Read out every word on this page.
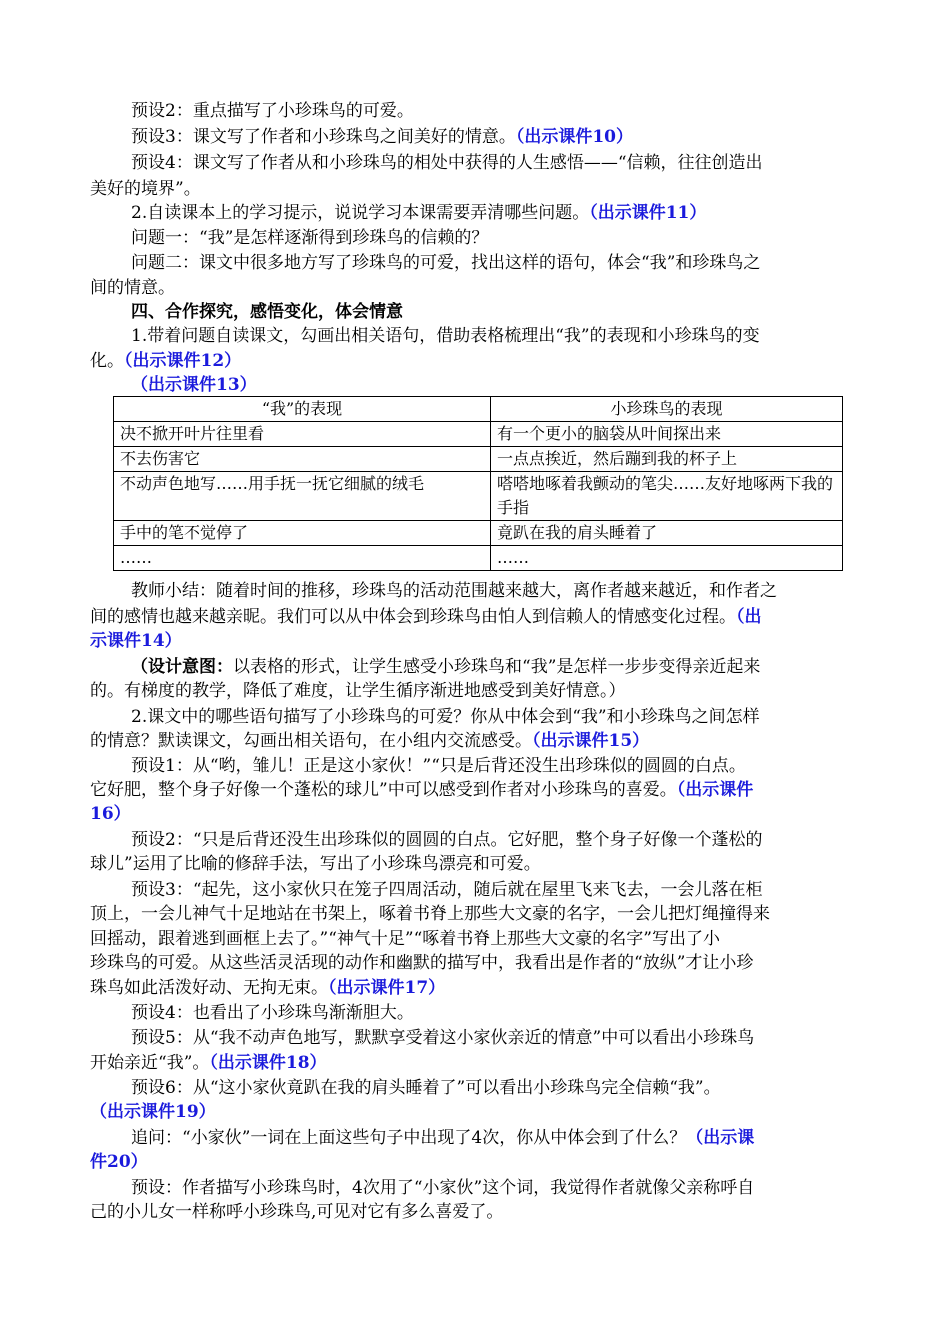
预设2：重点描写了小珍珠鸟的可爱。
预设3：课文写了作者和小珍珠鸟之间美好的情意。（出示课件10）
预设4：课文写了作者从和小珍珠鸟的相处中获得的人生感悟——“信赖，往往创造出
美好的境界”。
2.自读课本上的学习提示，说说学习本课需要弄清哪些问题。（出示课件11）
问题一：“我”是怎样逐渐得到珍珠鸟的信赖的？
问题二：课文中很多地方写了珍珠鸟的可爱，找出这样的语句，体会“我”和珍珠鸟之
间的情意。
四、合作探究，感悟变化，体会情意
1.带着问题自读课文，勾画出相关语句，借助表格梳理出“我”的表现和小珍珠鸟的变
化。（出示课件12）
（出示课件13）
“我”的表现	小珍珠鸟的表现
决不掀开叶片往里看	有一个更小的脑袋从叶间探出来
不去伤害它	一点点挨近，然后蹦到我的杯子上
不动声色地写……用手抚一抚它细腻的绒毛	嗒嗒地啄着我颤动的笔尖……友好地啄两下我的手指
手中的笔不觉停了	竟趴在我的肩头睡着了
……	……
教师小结：随着时间的推移，珍珠鸟的活动范围越来越大，离作者越来越近，和作者之
间的感情也越来越亲昵。我们可以从中体会到珍珠鸟由怕人到信赖人的情感变化过程。（出
示课件14）
（设计意图：以表格的形式，让学生感受小珍珠鸟和“我”是怎样一步步变得亲近起来
的。有梯度的教学，降低了难度，让学生循序渐进地感受到美好情意。）
2.课文中的哪些语句描写了小珍珠鸟的可爱？你从中体会到“我”和小珍珠鸟之间怎样
的情意？默读课文，勾画出相关语句，在小组内交流感受。（出示课件15）
预设1：从“哟，雏儿！正是这小家伙！”“只是后背还没生出珍珠似的圆圆的白点。
它好肥，整个身子好像一个蓬松的球儿”中可以感受到作者对小珍珠鸟的喜爱。（出示课件
16）
预设2：“只是后背还没生出珍珠似的圆圆的白点。它好肥，整个身子好像一个蓬松的
球儿”运用了比喻的修辞手法，写出了小珍珠鸟漂亮和可爱。
预设3：“起先，这小家伙只在笼子四周活动，随后就在屋里飞来飞去，一会儿落在柜
顶上，一会儿神气十足地站在书架上，啄着书脊上那些大文豪的名字，一会儿把灯绳撞得来
回摇动，跟着逃到画框上去了。”“神气十足”“啄着书脊上那些大文豪的名字”写出了小
珍珠鸟的可爱。从这些活灵活现的动作和幽默的描写中，我看出是作者的“放纵”才让小珍
珠鸟如此活泼好动、无拘无束。（出示课件17）
预设4：也看出了小珍珠鸟渐渐胆大。
预设5：从“我不动声色地写，默默享受着这小家伙亲近的情意”中可以看出小珍珠鸟
开始亲近“我”。（出示课件18）
预设6：从“这小家伙竟趴在我的肩头睡着了”可以看出小珍珠鸟完全信赖“我”。
（出示课件19）
追问：“小家伙”一词在上面这些句子中出现了4次，你从中体会到了什么？（出示课
件20）
预设：作者描写小珍珠鸟时，4次用了“小家伙”这个词，我觉得作者就像父亲称呼自
己的小儿女一样称呼小珍珠鸟,可见对它有多么喜爱了。
